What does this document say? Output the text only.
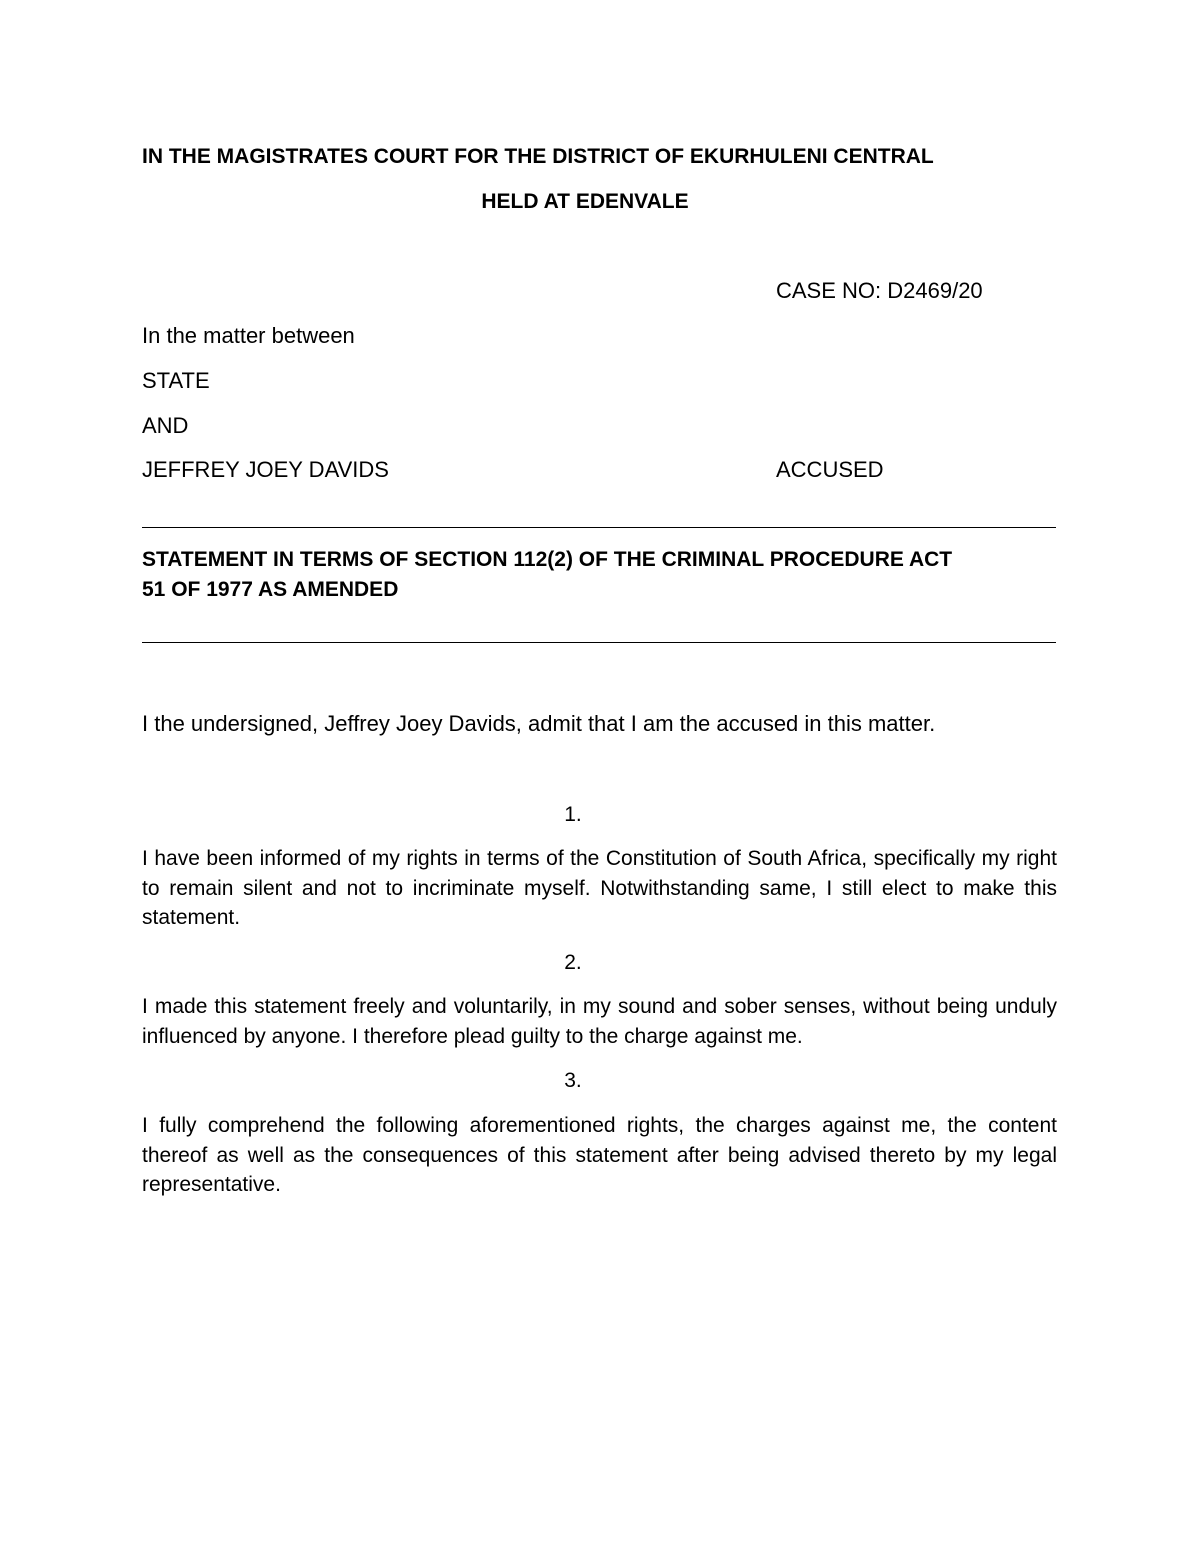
IN THE MAGISTRATES COURT FOR THE DISTRICT OF EKURHULENI CENTRAL
HELD AT EDENVALE
CASE NO: D2469/20
In the matter between
STATE
AND
JEFFREY JOEY DAVIDS	ACCUSED
STATEMENT IN TERMS OF SECTION 112(2) OF THE CRIMINAL PROCEDURE ACT
51 OF 1977 AS AMENDED
I the undersigned, Jeffrey Joey Davids, admit that I am the accused in this matter.
1.
I have been informed of my rights in terms of the Constitution of South Africa, specifically my right to remain silent and not to incriminate myself. Notwithstanding same, I still elect to make this statement.
2.
I made this statement freely and voluntarily, in my sound and sober senses, without being unduly influenced by anyone. I therefore plead guilty to the charge against me.
3.
I fully comprehend the following aforementioned rights, the charges against me, the content thereof as well as the consequences of this statement after being advised thereto by my legal representative.
